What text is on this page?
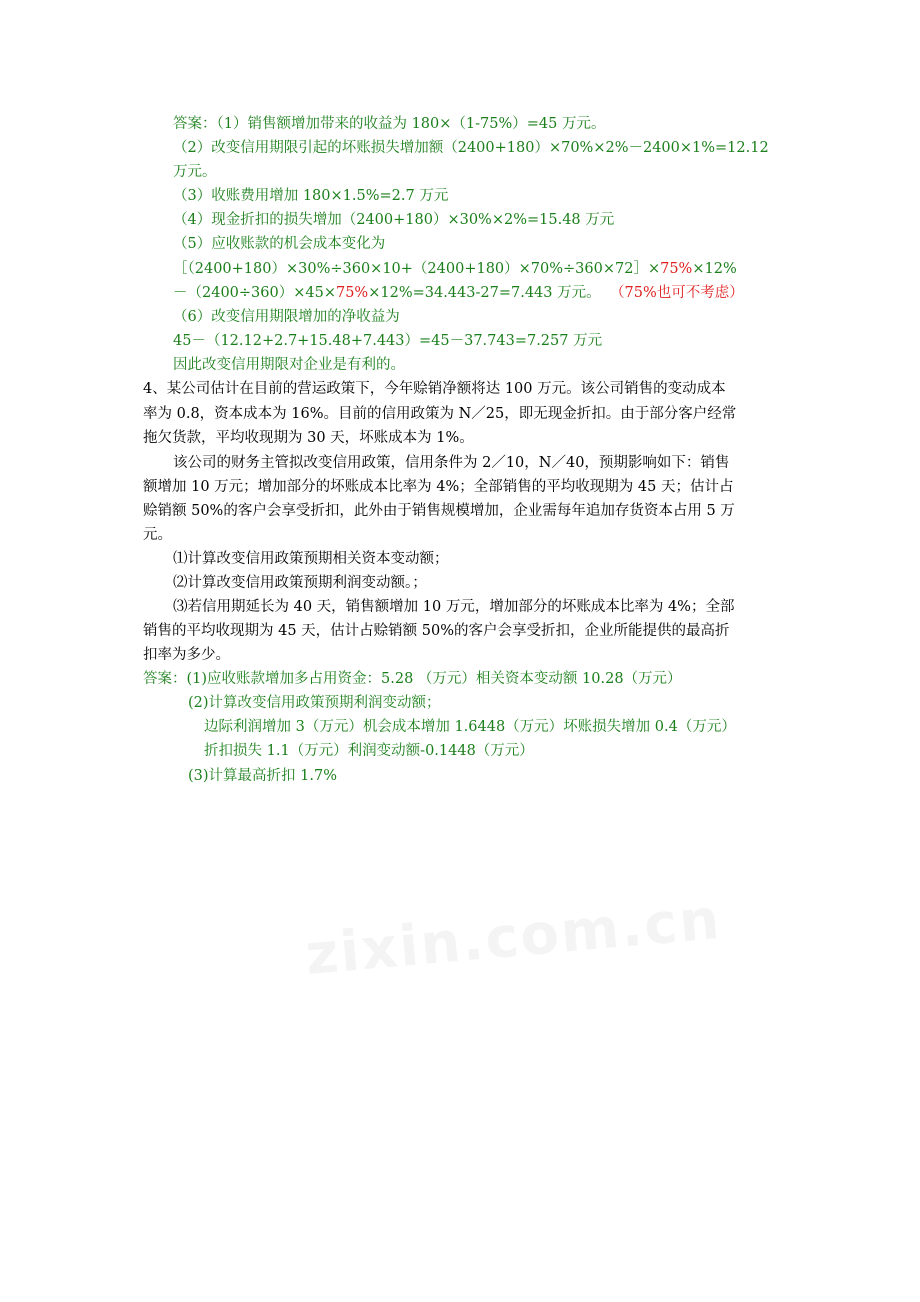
答案：（1）销售额增加带来的收益为 180×（1-75%）=45 万元。
（2）改变信用期限引起的坏账损失增加额（2400+180）×70%×2%－2400×1%=12.12
万元。
（3）收账费用增加 180×1.5%=2.7 万元
（4）现金折扣的损失增加（2400+180）×30%×2%=15.48 万元
（5）应收账款的机会成本变化为
［（2400+180）×30%÷360×10+（2400+180）×70%÷360×72］×75%×12%
－（2400÷360）×45×75%×12%=34.443-27=7.443 万元。 （75%也可不考虑）
（6）改变信用期限增加的净收益为
45－（12.12+2.7+15.48+7.443）=45－37.743=7.257 万元
因此改变信用期限对企业是有利的。
4、某公司估计在目前的营运政策下，今年赊销净额将达 100 万元。该公司销售的变动成本
率为 0.8，资本成本为 16%。目前的信用政策为 N／25，即无现金折扣。由于部分客户经常
拖欠货款，平均收现期为 30 天，坏账成本为 1%。
该公司的财务主管拟改变信用政策，信用条件为 2／10，N／40，预期影响如下：销售
额增加 10 万元；增加部分的坏账成本比率为 4%；全部销售的平均收现期为 45 天；估计占
赊销额 50%的客户会享受折扣，此外由于销售规模增加，企业需每年追加存货资本占用 5 万
元。
⑴计算改变信用政策预期相关资本变动额；
⑵计算改变信用政策预期利润变动额。；
⑶若信用期延长为 40 天，销售额增加 10 万元，增加部分的坏账成本比率为 4%；全部
销售的平均收现期为 45 天，估计占赊销额 50%的客户会享受折扣，企业所能提供的最高折
扣率为多少。
答案：(1)应收账款增加多占用资金：5.28 （万元）相关资本变动额 10.28（万元）
(2)计算改变信用政策预期利润变动额；
边际利润增加 3（万元）机会成本增加 1.6448（万元）坏账损失增加 0.4（万元）
折扣损失 1.1（万元）利润变动额-0.1448（万元）
(3)计算最高折扣 1.7%
zixin.com.cn
